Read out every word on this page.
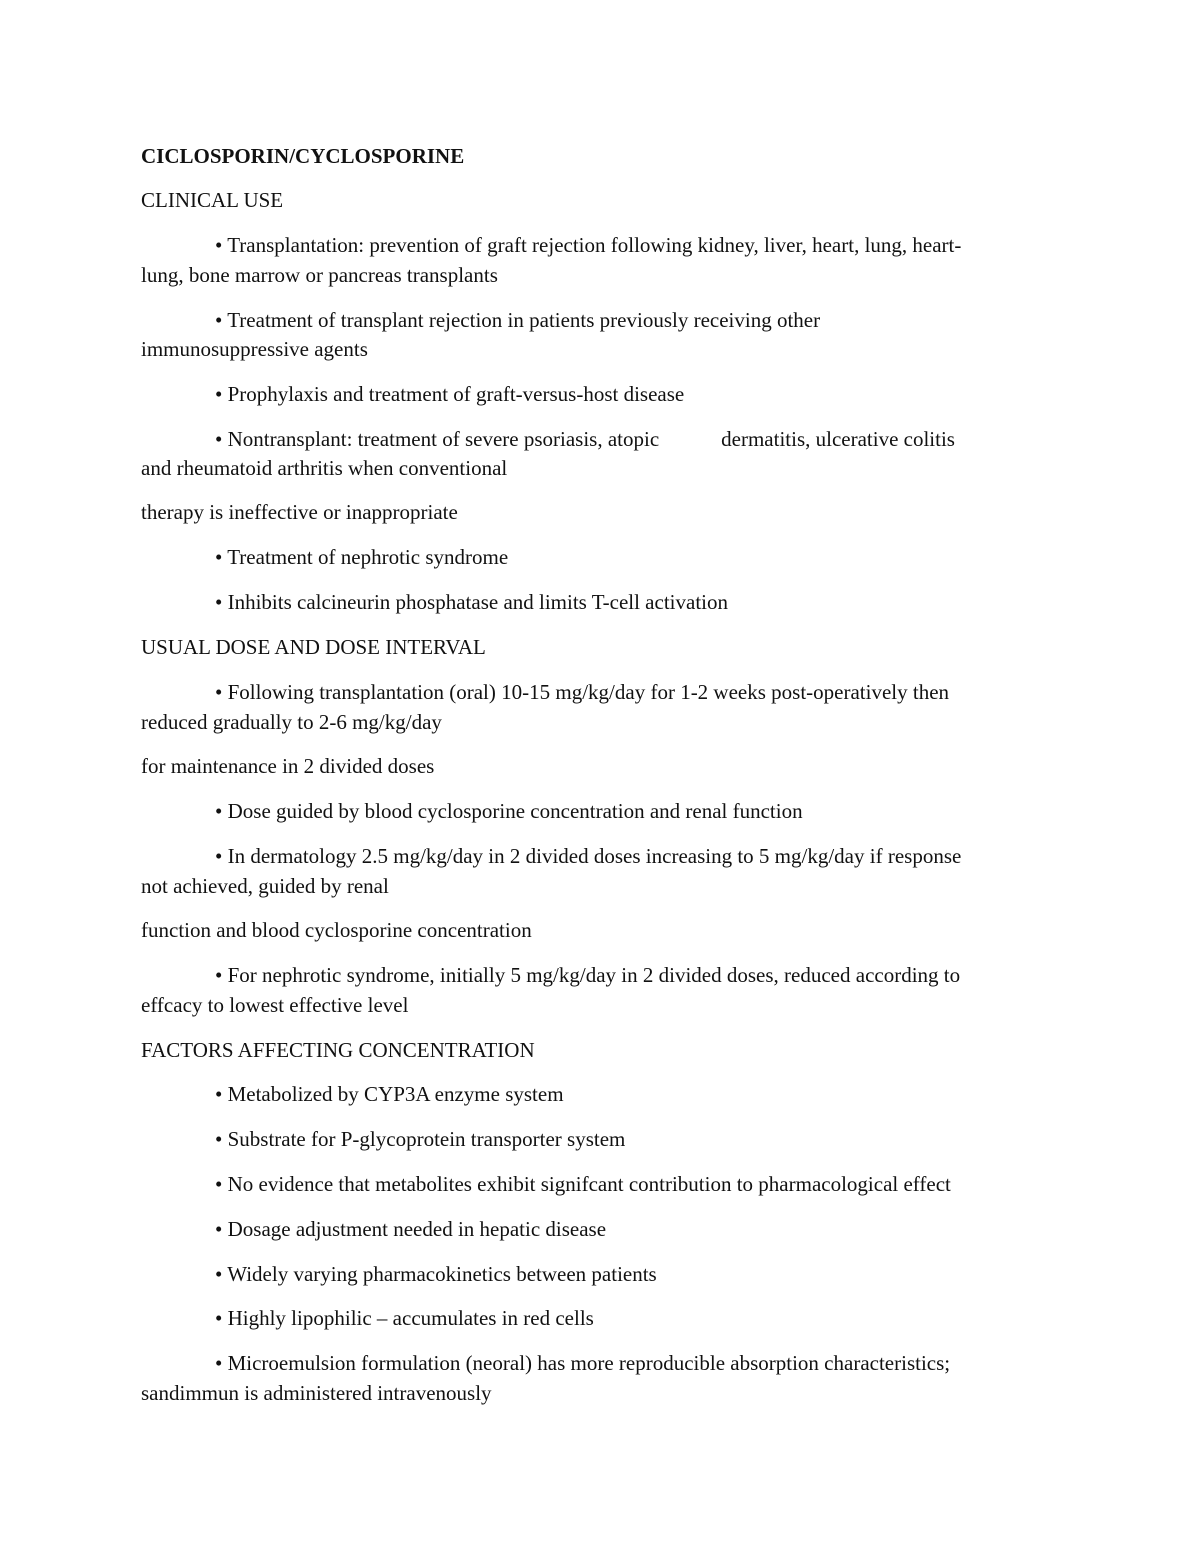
CICLOSPORIN/CYCLOSPORINE
CLINICAL USE
• Transplantation: prevention of graft rejection following kidney, liver, heart, lung, heart-
lung, bone marrow or pancreas transplants
• Treatment of transplant rejection in patients previously receiving other
immunosuppressive agents
• Prophylaxis and treatment of graft-versus-host disease
• Nontransplant: treatment of severe psoriasis, atopic	dermatitis, ulcerative colitis
and rheumatoid arthritis when conventional
therapy is ineffective or inappropriate
• Treatment of nephrotic syndrome
• Inhibits calcineurin phosphatase and limits T-cell activation
USUAL DOSE AND DOSE INTERVAL
• Following transplantation (oral) 10-15 mg/kg/day for 1-2 weeks post-operatively then
reduced gradually to 2-6 mg/kg/day
for maintenance in 2 divided doses
• Dose guided by blood cyclosporine concentration and renal function
• In dermatology 2.5 mg/kg/day in 2 divided doses increasing to 5 mg/kg/day if response
not achieved, guided by renal
function and blood cyclosporine concentration
• For nephrotic syndrome, initially 5 mg/kg/day in 2 divided doses, reduced according to
effcacy to lowest effective level
FACTORS AFFECTING CONCENTRATION
• Metabolized by CYP3A enzyme system
• Substrate for P-glycoprotein transporter system
• No evidence that metabolites exhibit signifcant contribution to pharmacological effect
• Dosage adjustment needed in hepatic disease
• Widely varying pharmacokinetics between patients
• Highly lipophilic – accumulates in red cells
• Microemulsion formulation (neoral) has more reproducible absorption characteristics;
sandimmun is administered intravenously
